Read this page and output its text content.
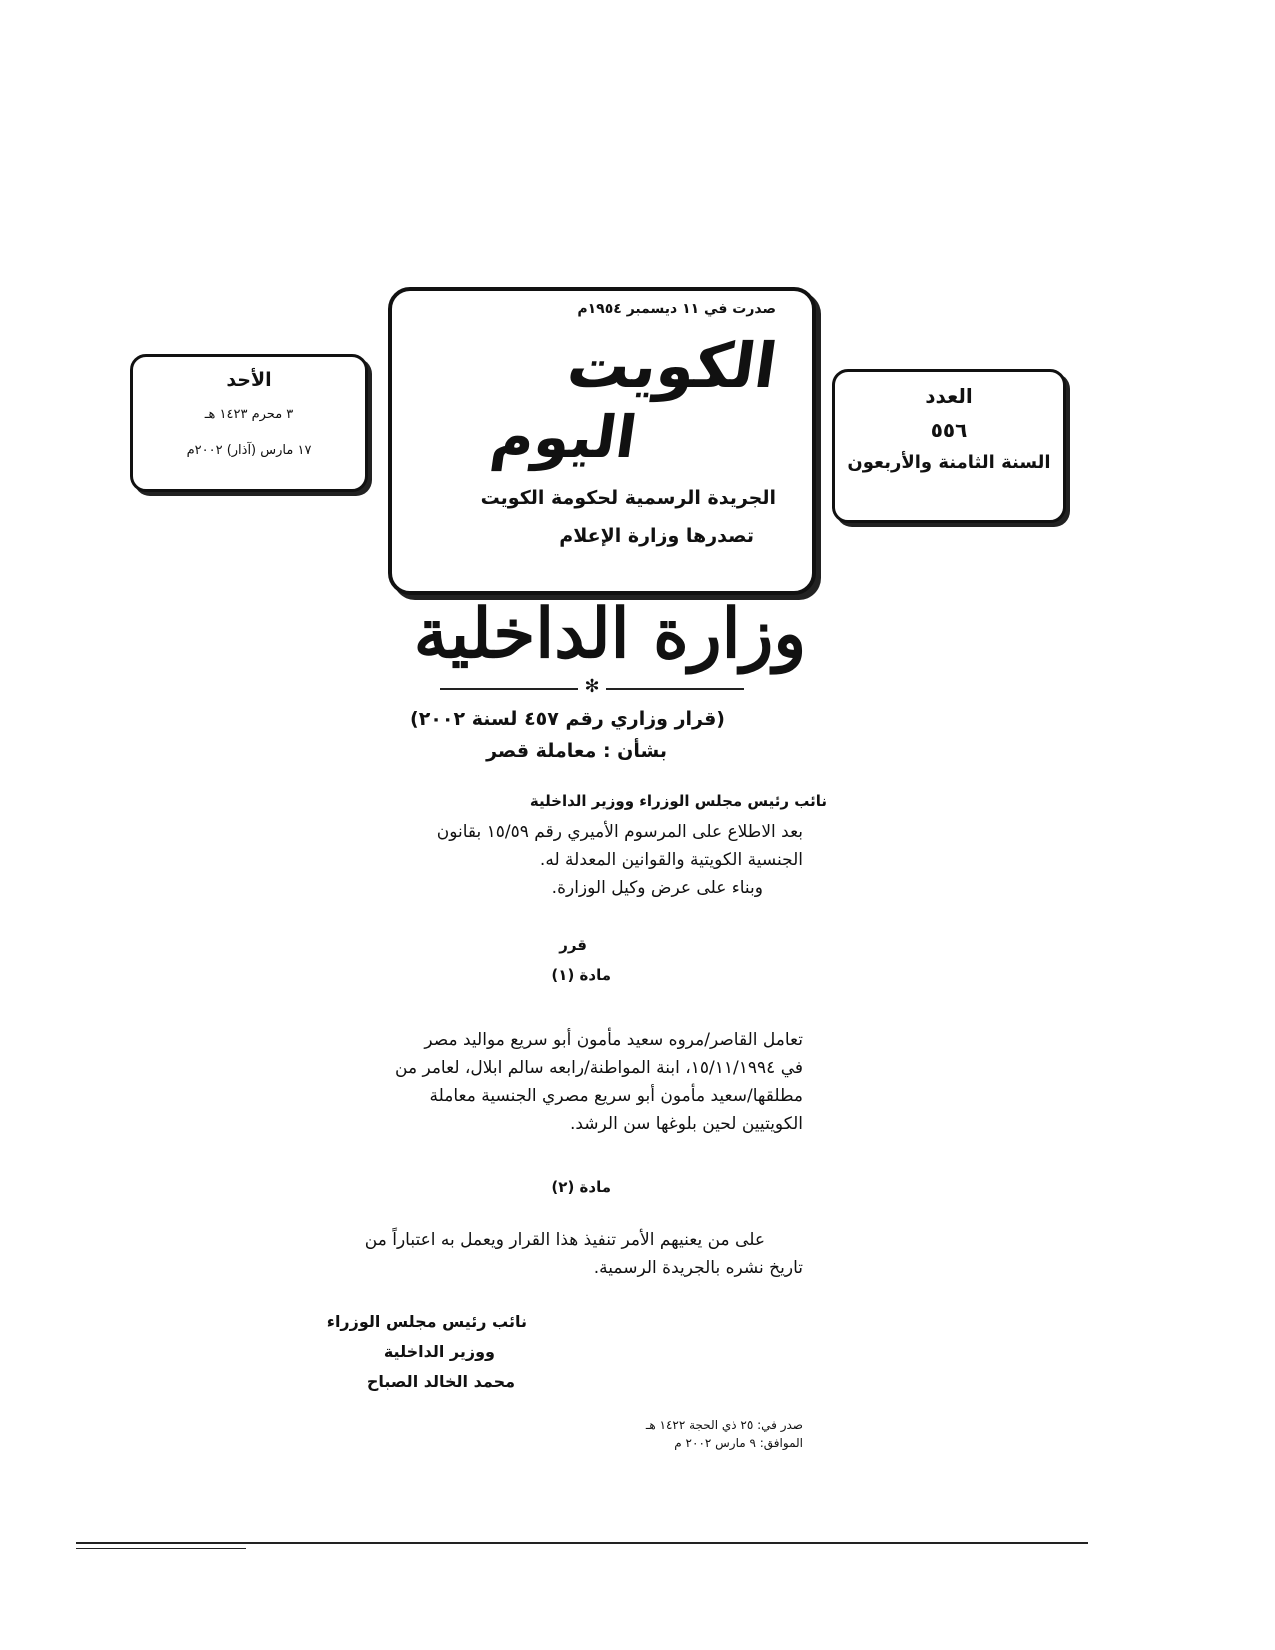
العدد
٥٥٦
السنة الثامنة والأربعون
الأحد
٣ محرم ١٤٢٣ هـ
١٧ مارس (آذار) ٢٠٠٢م
صدرت في ١١ ديسمبر ١٩٥٤م
الكويت
اليوم
الجريدة الرسمية لحكومة الكويت
تصدرها وزارة الإعلام
وزارة الداخلية
✻
(قرار وزاري رقم ٤٥٧ لسنة ٢٠٠٢)
بشأن : معاملة قصر
نائب رئيس مجلس الوزراء ووزير الداخلية
بعد الاطلاع على المرسوم الأميري رقم ١٥/٥٩ بقانون
الجنسية الكويتية والقوانين المعدلة له.
وبناء على عرض وكيل الوزارة.
قرر
مادة (١)
تعامل القاصر/مروه سعيد مأمون أبو سريع مواليد مصر
في ١٥/١١/١٩٩٤، ابنة المواطنة/رابعه سالم ابلال، لعامر من
مطلقها/سعيد مأمون أبو سريع مصري الجنسية معاملة
الكويتيين لحين بلوغها سن الرشد.
مادة (٢)
على من يعنيهم الأمر تنفيذ هذا القرار ويعمل به اعتباراً من
تاريخ نشره بالجريدة الرسمية.
نائب رئيس مجلس الوزراء
ووزير الداخلية
محمد الخالد الصباح
صدر في: ٢٥ ذي الحجة ١٤٢٢ هـ
الموافق: ٩ مارس ٢٠٠٢ م
